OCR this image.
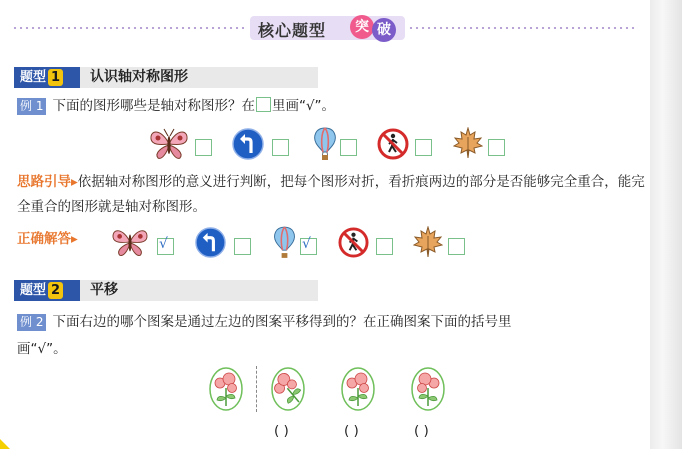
核心题型	突 破
题型 1	认识轴对称图形
例 1 下面的图形哪些是轴对称图形？在 里画“√”。
思路引导▸依据轴对称图形的意义进行判断，把每个图形对折，看折痕两边的部分是否能够完全重合，能完全重合的图形就是轴对称图形。
正确解答▸	√	√
题型 2	平移
例 2 下面右边的哪个图案是通过左边的图案平移得到的？在正确图案下面的括号里
画“√”。
( )	( )	( )
